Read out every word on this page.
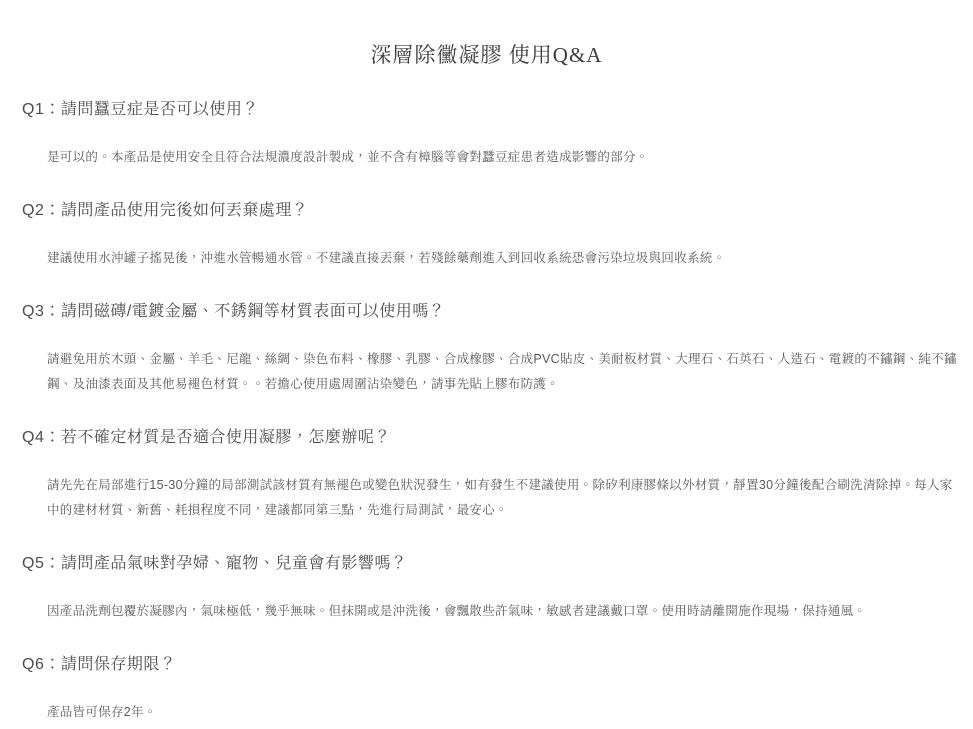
深層除黴凝膠 使用Q&A
Q1：請問蠶豆症是否可以使用？
是可以的。本產品是使用安全且符合法規濃度設計製成，並不含有樟腦等會對蠶豆症患者造成影響的部分。
Q2：請問產品使用完後如何丟棄處理？
建議使用水沖罐子搖晃後，沖進水管暢通水管。不建議直接丟棄，若殘餘藥劑進入到回收系統恐會污染垃圾與回收系統。
Q3：請問磁磚/電鍍金屬、不銹鋼等材質表面可以使用嗎？
請避免用於木頭、金屬、羊毛、尼龍、絲綢、染色布料、橡膠、乳膠、合成橡膠、合成PVC貼皮、美耐板材質、大理石、石英石、人造石、電鍍的不鏽鋼、純不鏽鋼、及油漆表面及其他易褪色材質。。若擔心使用處周圍沾染變色，請事先貼上膠布防護。
Q4：若不確定材質是否適合使用凝膠，怎麼辦呢？
請先先在局部進行15-30分鐘的局部測試該材質有無褪色或變色狀況發生，如有發生不建議使用。除矽利康膠條以外材質，靜置30分鐘後配合刷洗清除掉。每人家中的建材材質、新舊、耗損程度不同，建議都同第三點，先進行局測試，最安心。
Q5：請問產品氣味對孕婦、寵物、兒童會有影響嗎？
因產品洗劑包覆於凝膠內，氣味極低，幾乎無味。但抹開或是沖洗後，會飄散些許氣味，敏感者建議戴口罩。使用時請離開施作現場，保持通風。
Q6：請問保存期限？
產品皆可保存2年。
